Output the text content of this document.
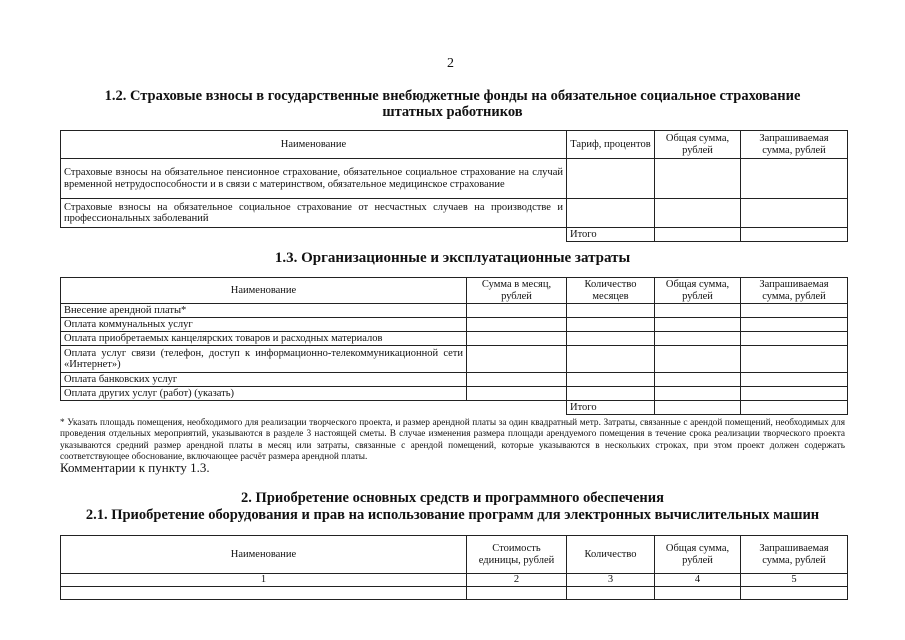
2
1.2. Страховые взносы в государственные внебюджетные фонды на обязательное социальное страхование
штатных работников
Наименование	Тариф, процентов	Общая сумма, рублей	Запрашиваемая сумма, рублей
Страховые взносы на обязательное пенсионное страхование, обязательное социальное страхование на случай временной нетрудоспособности и в связи с материнством, обязательное медицинское страхование			
Страховые взносы на обязательное социальное страхование от несчастных случаев на производстве и профессиональных заболеваний			
	Итого		
1.3. Организационные и эксплуатационные затраты
Наименование	Сумма в месяц, рублей	Количество месяцев	Общая сумма, рублей	Запрашиваемая сумма, рублей
Внесение арендной платы*				
Оплата коммунальных услуг				
Оплата приобретаемых канцелярских товаров и расходных материалов				
Оплата услуг связи (телефон, доступ к информационно-телекоммуникационной сети «Интернет»)				
Оплата банковских услуг				
Оплата других услуг (работ) (указать)				
		Итого		
* Указать площадь помещения, необходимого для реализации творческого проекта, и размер арендной платы за один квадратный метр. Затраты, связанные с арендой помещений, необходимых для проведения отдельных мероприятий, указываются в разделе 3 настоящей сметы. В случае изменения размера площади арендуемого помещения в течение срока реализации творческого проекта указываются средний размер арендной платы в месяц или затраты, связанные с арендой помещений, которые указываются в нескольких строках, при этом проект должен содержать соответствующее обоснование, включающее расчёт размера арендной платы.
Комментарии к пункту 1.3.
2. Приобретение основных средств и программного обеспечения
2.1. Приобретение оборудования и прав на использование программ для электронных вычислительных машин
Наименование	Стоимость единицы, рублей	Количество	Общая сумма, рублей	Запрашиваемая сумма, рублей
1	2	3	4	5
